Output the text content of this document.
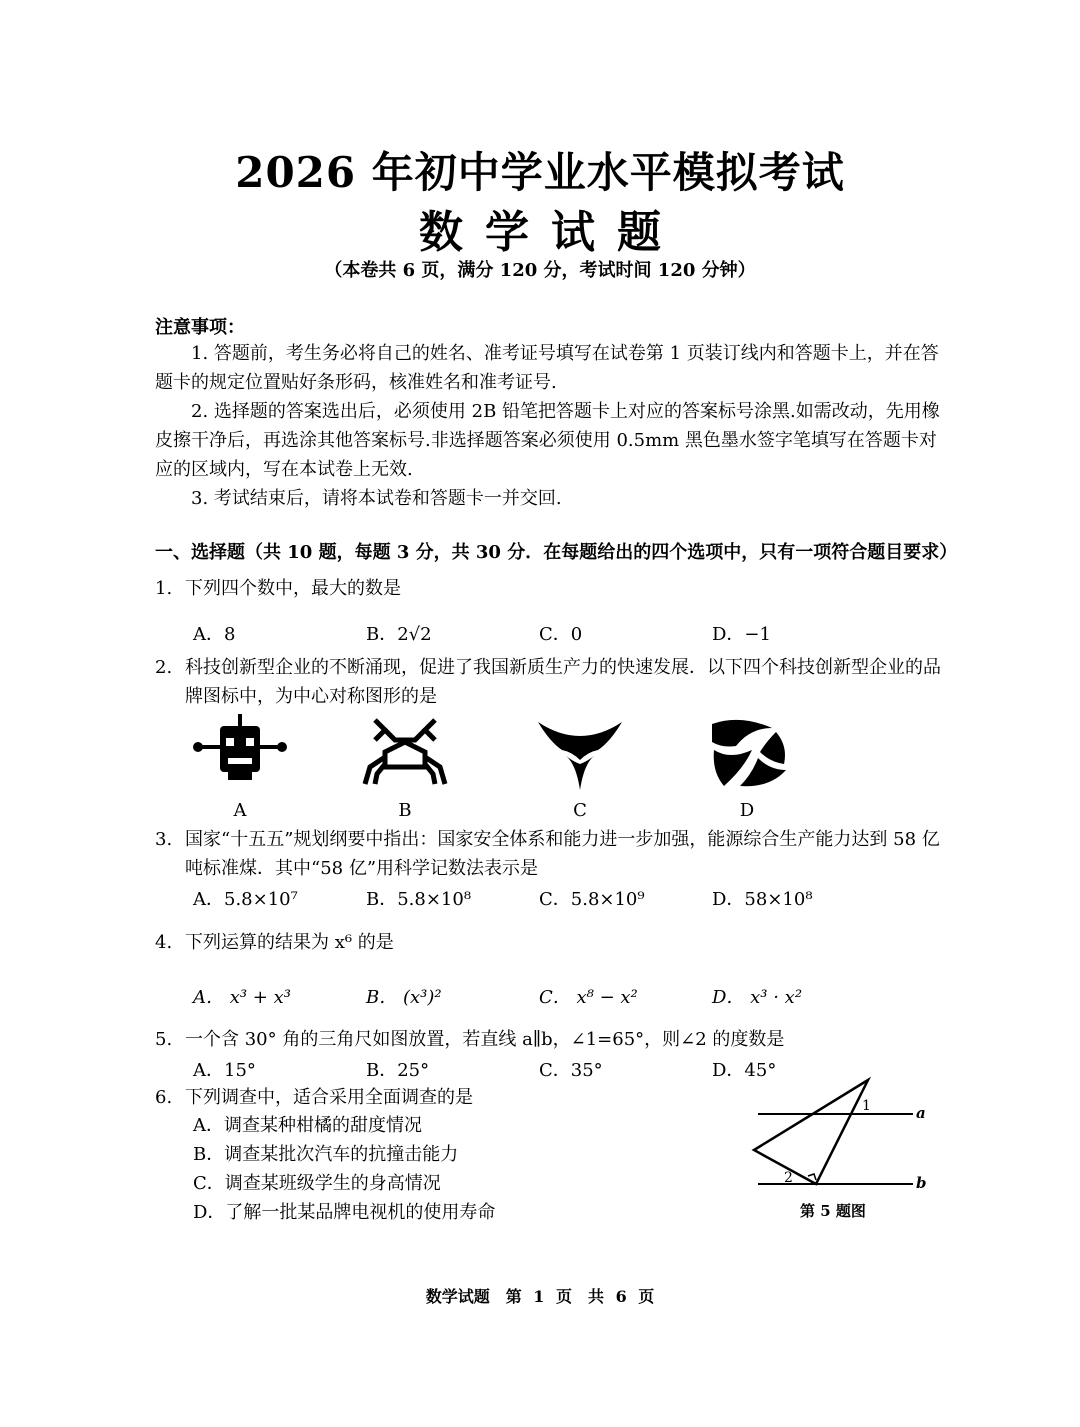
2026 年初中学业水平模拟考试
数学试题
（本卷共 6 页，满分 120 分，考试时间 120 分钟）
注意事项：

1. 答题前，考生务必将自己的姓名、准考证号填写在试卷第 1 页装订线内和答题卡上，并在答题卡的规定位置贴好条形码，核准姓名和准考证号.

2. 选择题的答案选出后，必须使用 2B 铅笔把答题卡上对应的答案标号涂黑.如需改动，先用橡皮擦干净后，再选涂其他答案标号.非选择题答案必须使用 0.5mm 黑色墨水签字笔填写在答题卡对应的区域内，写在本试卷上无效.

3. 考试结束后，请将本试卷和答题卡一并交回.

一、选择题（共 10 题，每题 3 分，共 30 分．在每题给出的四个选项中，只有一项符合题目要求）
1. 下列四个数中，最大的数是
A．8	B．2√2	C．0	D．−1
2. 科技创新型企业的不断涌现，促进了我国新质生产力的快速发展．以下四个科技创新型企业的品牌图标中，为中心对称图形的是
A	B	C	D
3. 国家“十五五”规划纲要中指出：国家安全体系和能力进一步加强，能源综合生产能力达到 58 亿吨标准煤．其中“58 亿”用科学记数法表示是
A．5.8×10⁷	B．5.8×10⁸	C．5.8×10⁹	D．58×10⁸
4. 下列运算的结果为 x⁶ 的是
A． x³ + x³	B． (x³)²	C． x⁸ − x²	D． x³ · x²
5. 一个含 30° 角的三角尺如图放置，若直线 a∥b，∠1=65°，则∠2 的度数是
A．15°	B．25°	C．35°	D．45°
6. 下列调查中，适合采用全面调查的是
A．调查某种柑橘的甜度情况
B．调查某批次汽车的抗撞击能力
C．调查某班级学生的身高情况
D．了解一批某品牌电视机的使用寿命
1
2
a
b
第 5 题图
数学试题　第 1 页　共 6 页
